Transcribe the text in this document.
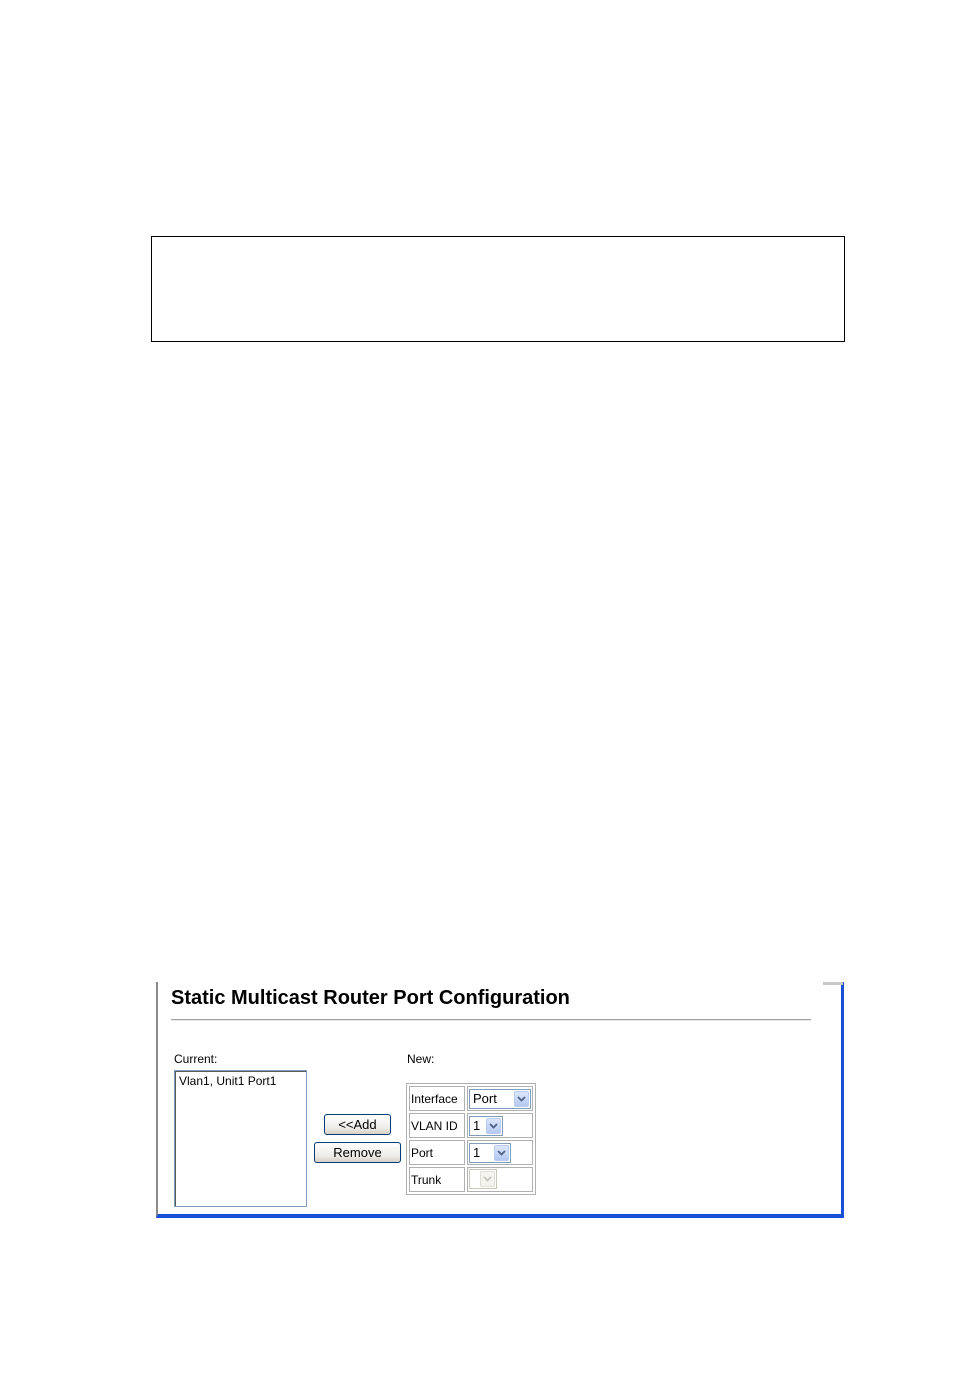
Static Multicast Router Port Configuration
Current:	New:
Vlan1, Unit1 Port1
<<Add
Remove
Interface	Port

VLAN ID	1

Port	1

Trunk	
